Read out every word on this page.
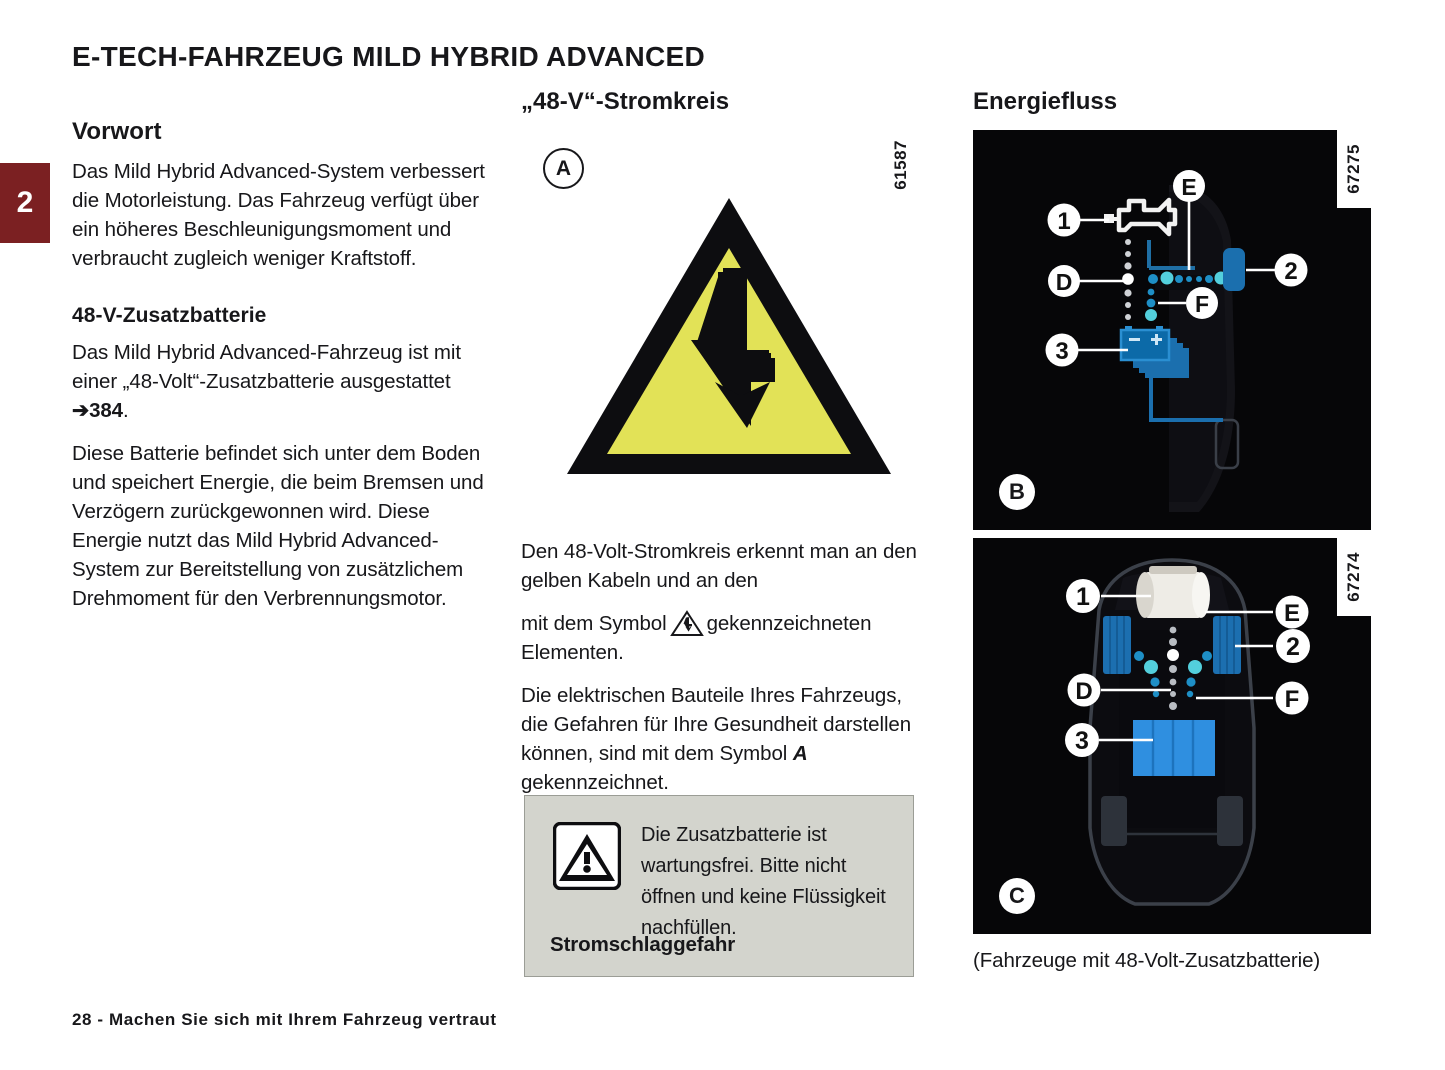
2
E-TECH-FAHRZEUG MILD HYBRID ADVANCED
Vorwort

Das Mild Hybrid Advanced-System verbessert die Motorleistung. Das Fahrzeug verfügt über ein höheres Beschleunigungsmoment und verbraucht zugleich weniger Kraftstoff.

48-V-Zusatzbatterie

Das Mild Hybrid Advanced-Fahrzeug ist mit einer „48-Volt“-Zusatzbatterie ausgestattet ➔384.

Diese Batterie befindet sich unter dem Boden und speichert Energie, die beim Bremsen und Verzögern zurückgewonnen wird. Diese Energie nutzt das Mild Hybrid Advanced-System zur Bereitstellung von zusätzlichem Drehmoment für den Verbrennungsmotor.

„48-V“-Stromkreis
A	61587

Den 48-Volt-Stromkreis erkennt man an den gelben Kabeln und an den

mit dem Symbol gekennzeichneten Elementen.

Die elektrischen Bauteile Ihres Fahrzeugs, die Gefahren für Ihre Gesundheit darstellen können, sind mit dem Symbol A gekennzeichnet.

Die Zusatzbatterie ist wartungsfrei. Bitte nicht öffnen und keine Flüssigkeit nachfüllen.
Stromschlaggefahr
Energiefluss
1
2
3
D
E
F
67275
B
1
2
3
D
E
F
67274
C
(Fahrzeuge mit 48-Volt-Zusatzbatterie)
28 - Machen Sie sich mit Ihrem Fahrzeug vertraut
